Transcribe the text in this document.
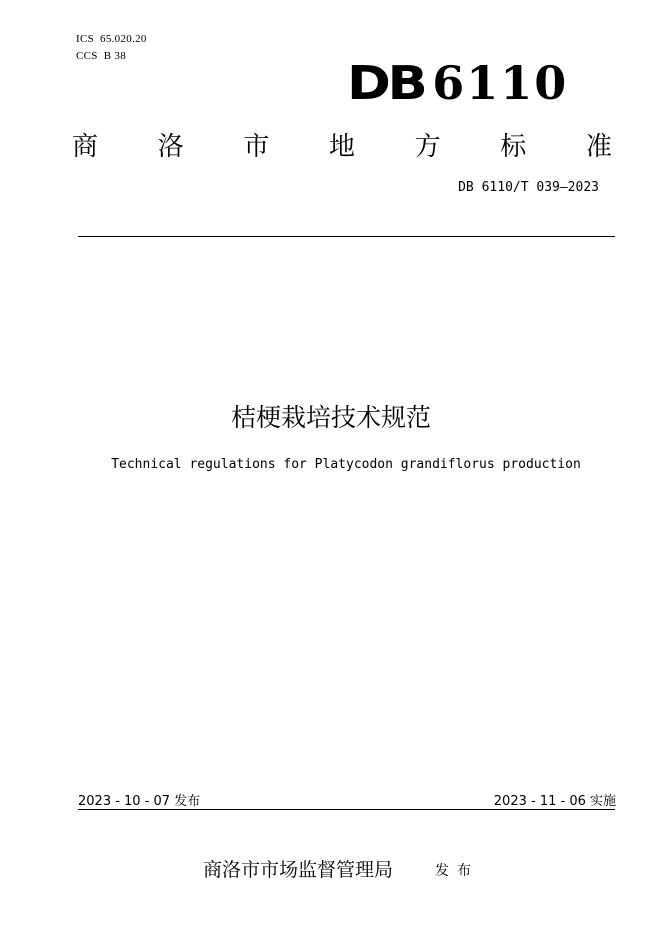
ICS 65.020.20
CCS B 38	DB 6110
商 洛 市 地 方 标 准
DB 6110/T 039—2023
桔梗栽培技术规范
Technical regulations for Platycodon grandiflorus production
2023 - 10 - 07 发布	2023 - 11 - 06 实施
商洛市市场监督管理局	发布
